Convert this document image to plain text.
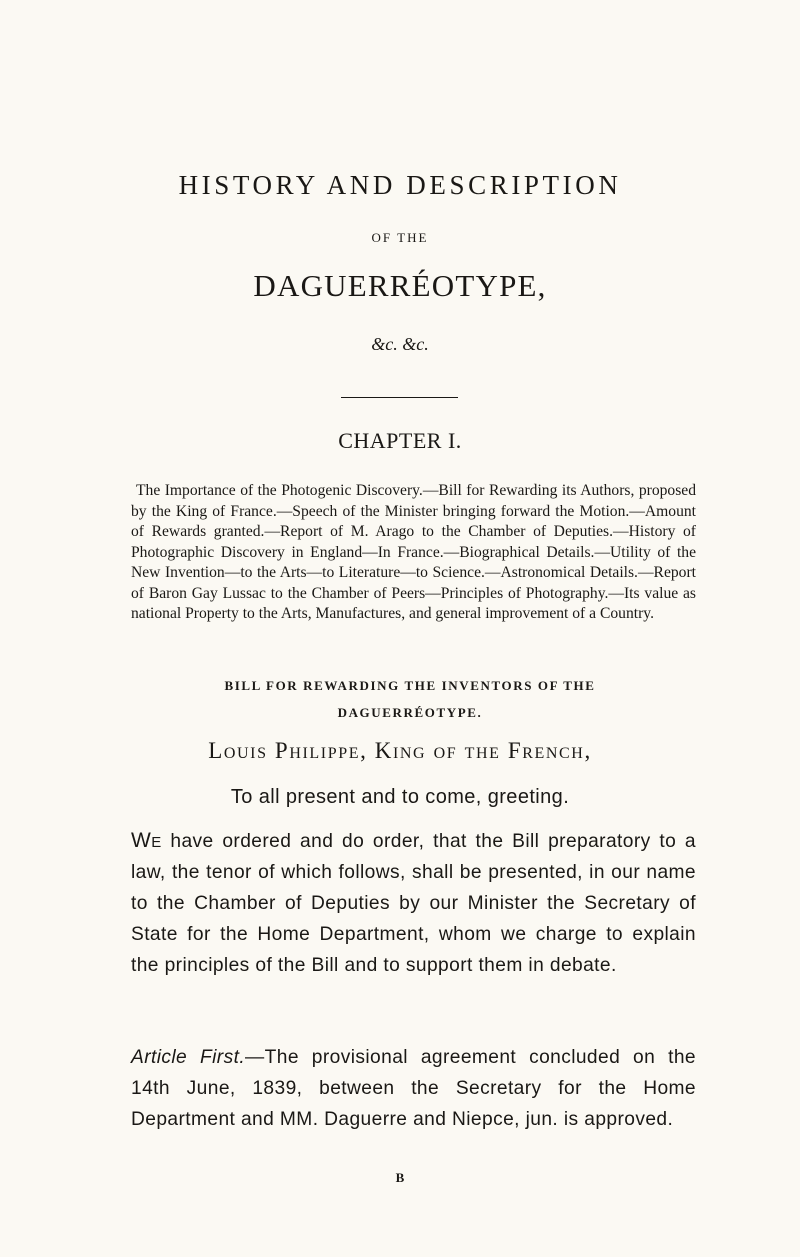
HISTORY AND DESCRIPTION

OF THE

DAGUERRÉOTYPE,

&c. &c.

CHAPTER I.

The Importance of the Photogenic Discovery.—Bill for Rewarding its Authors, proposed by the King of France.—Speech of the Minister bringing forward the Motion.—Amount of Rewards granted.—Report of M. Arago to the Chamber of Deputies.—History of Photographic Discovery in England—In France.—Biographical Details.—Utility of the New Invention—to the Arts—to Literature—to Science.—Astronomical Details.—Report of Baron Gay Lussac to the Chamber of Peers—Principles of Photography.—Its value as national Property to the Arts, Manufactures, and general improvement of a Country.

BILL FOR REWARDING THE INVENTORS OF THE
DAGUERRÉOTYPE.

Louis Philippe, King of the French,

To all present and to come, greeting.

We have ordered and do order, that the Bill preparatory to a law, the tenor of which follows, shall be presented, in our name to the Chamber of Deputies by our Minister the Secretary of State for the Home Department, whom we charge to explain the principles of the Bill and to support them in debate.

Article First.—The provisional agreement concluded on the 14th June, 1839, between the Secretary for the Home Department and MM. Daguerre and Niepce, jun. is approved.

B
